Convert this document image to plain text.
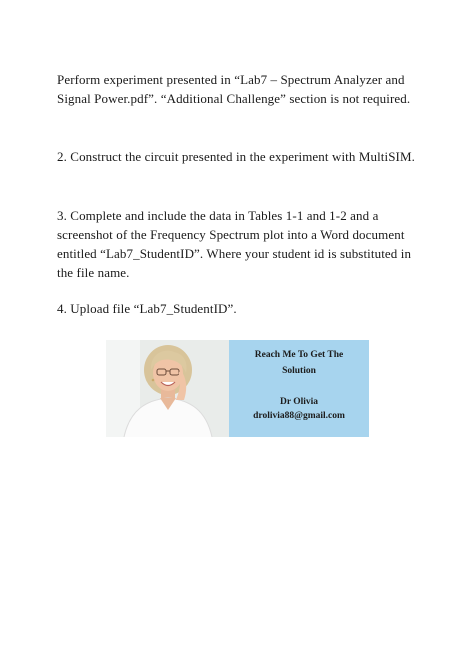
Perform experiment presented in “Lab7 – Spectrum Analyzer and Signal Power.pdf”. “Additional Challenge” section is not required.

2. Construct the circuit presented in the experiment with MultiSIM.

3. Complete and include the data in Tables 1-1 and 1-2 and a screenshot of the Frequency Spectrum plot into a Word document entitled “Lab7_StudentID”. Where your student id is substituted in the file name.

4. Upload file “Lab7_StudentID”.

Reach Me To Get The Solution
Dr Olivia
drolivia88@gmail.com
